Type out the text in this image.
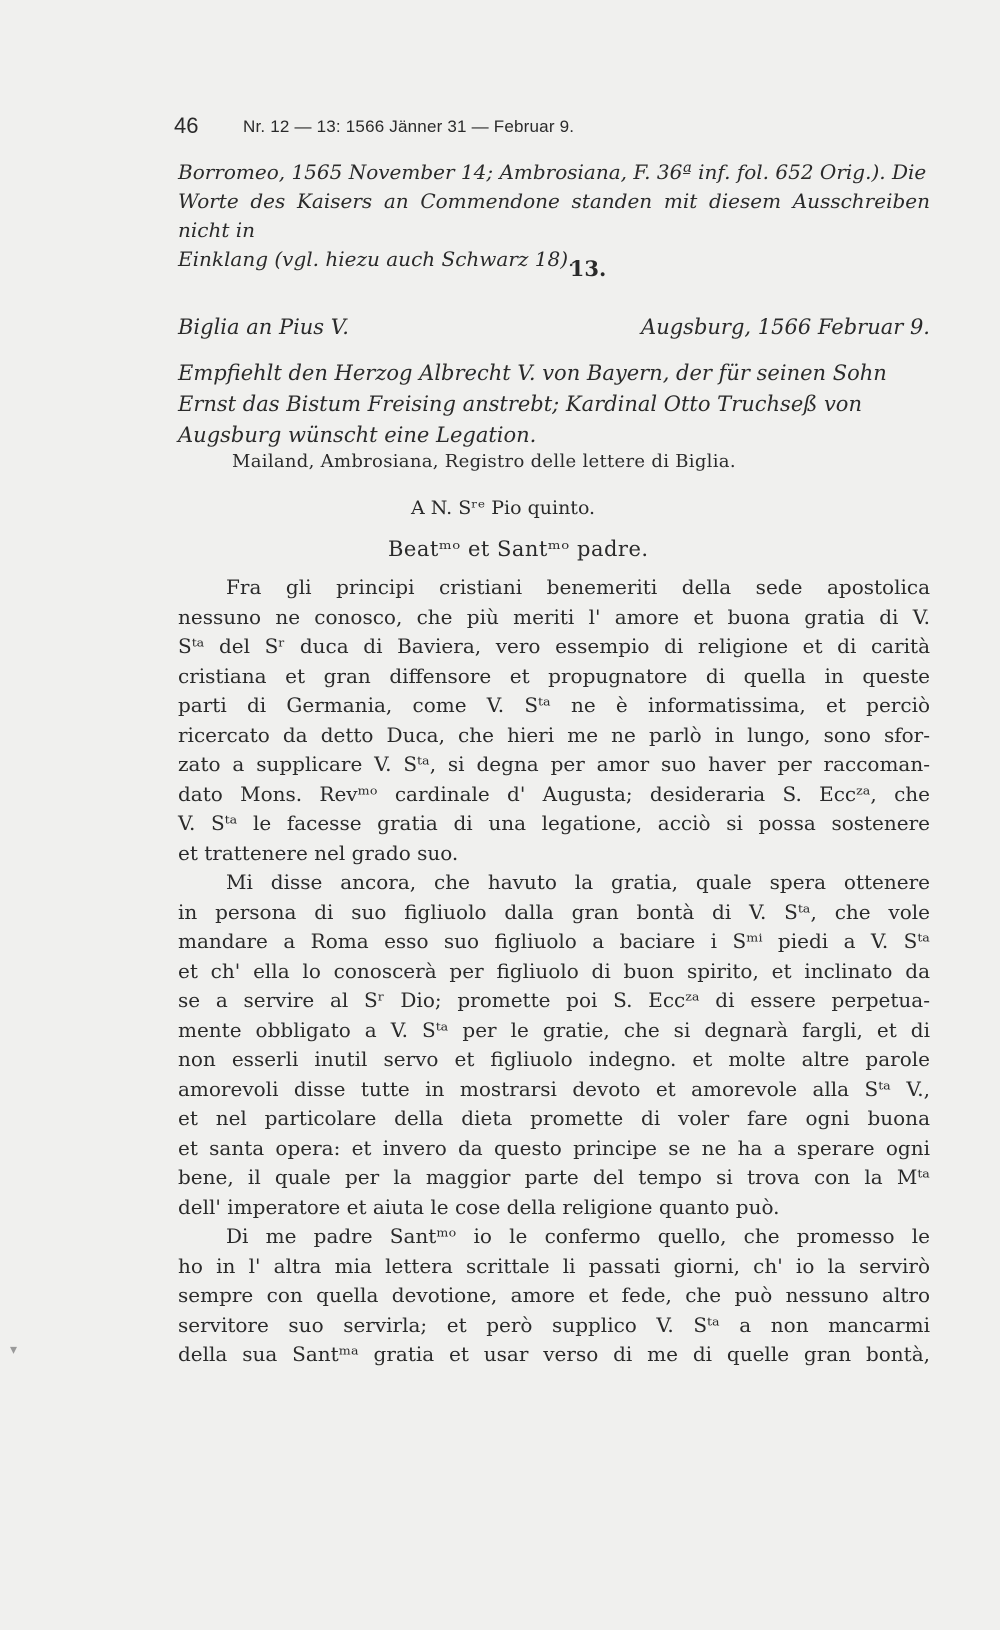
46	Nr. 12 — 13: 1566 Jänner 31 — Februar 9.
Borromeo, 1565 November 14; Ambrosiana, F. 36ª inf. fol. 652 Orig.). Die
Worte des Kaisers an Commendone standen mit diesem Ausschreiben nicht in
Einklang (vgl. hiezu auch Schwarz 18).
13.
Biglia an Pius V.	Augsburg, 1566 Februar 9.
Empfiehlt den Herzog Albrecht V. von Bayern, der für seinen Sohn
Ernst das Bistum Freising anstrebt; Kardinal Otto Truchseß von
Augsburg wünscht eine Legation.
Mailand, Ambrosiana, Registro delle lettere di Biglia.
A N. Sʳᵉ Pio quinto.
Beatᵐᵒ et Santᵐᵒ padre.
Fra gli principi cristiani benemeriti della sede apostolica
nessuno ne conosco, che più meriti l' amore et buona gratia di V.
Sᵗᵃ del Sʳ duca di Baviera, vero essempio di religione et di carità
cristiana et gran diffensore et propugnatore di quella in queste
parti di Germania, come V. Sᵗᵃ ne è informatissima, et perciò
ricercato da detto Duca, che hieri me ne parlò in lungo, sono sfor-
zato a supplicare V. Sᵗᵃ, si degna per amor suo haver per raccoman-
dato Mons. Revᵐᵒ cardinale d' Augusta; desideraria S. Eccᶻᵃ, che
V. Sᵗᵃ le facesse gratia di una legatione, acciò si possa sostenere
et trattenere nel grado suo.
Mi disse ancora, che havuto la gratia, quale spera ottenere
in persona di suo figliuolo dalla gran bontà di V. Sᵗᵃ, che vole
mandare a Roma esso suo figliuolo a baciare i Sᵐⁱ piedi a V. Sᵗᵃ
et ch' ella lo conoscerà per figliuolo di buon spirito, et inclinato da
se a servire al Sʳ Dio; promette poi S. Eccᶻᵃ di essere perpetua-
mente obbligato a V. Sᵗᵃ per le gratie, che si degnarà fargli, et di
non esserli inutil servo et figliuolo indegno. et molte altre parole
amorevoli disse tutte in mostrarsi devoto et amorevole alla Sᵗᵃ V.,
et nel particolare della dieta promette di voler fare ogni buona
et santa opera: et invero da questo principe se ne ha a sperare ogni
bene, il quale per la maggior parte del tempo si trova con la Mᵗᵃ
dell' imperatore et aiuta le cose della religione quanto può.
Di me padre Santᵐᵒ io le confermo quello, che promesso le
ho in l' altra mia lettera scrittale li passati giorni, ch' io la servirò
sempre con quella devotione, amore et fede, che può nessuno altro
servitore suo servirla; et però supplico V. Sᵗᵃ a non mancarmi
della sua Santᵐᵃ gratia et usar verso di me di quelle gran bontà,
▾
